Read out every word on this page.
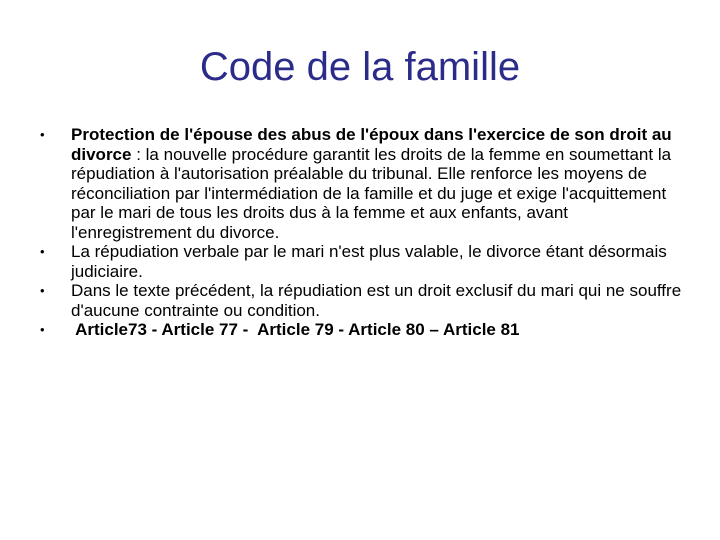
Code de la famille

• Protection de l'épouse des abus de l'époux dans l'exercice de son droit au divorce : la nouvelle procédure garantit les droits de la femme en soumettant la répudiation à l'autorisation préalable du tribunal. Elle renforce les moyens de réconciliation par l'intermédiation de la famille et du juge et exige l'acquittement par le mari de tous les droits dus à la femme et aux enfants, avant l'enregistrement du divorce.

• La répudiation verbale par le mari n'est plus valable, le divorce étant désormais judiciaire.

• Dans le texte précédent, la répudiation est un droit exclusif du mari qui ne souffre d'aucune contrainte ou condition.

• Article73 - Article 77 -  Article 79 - Article 80 – Article 81
